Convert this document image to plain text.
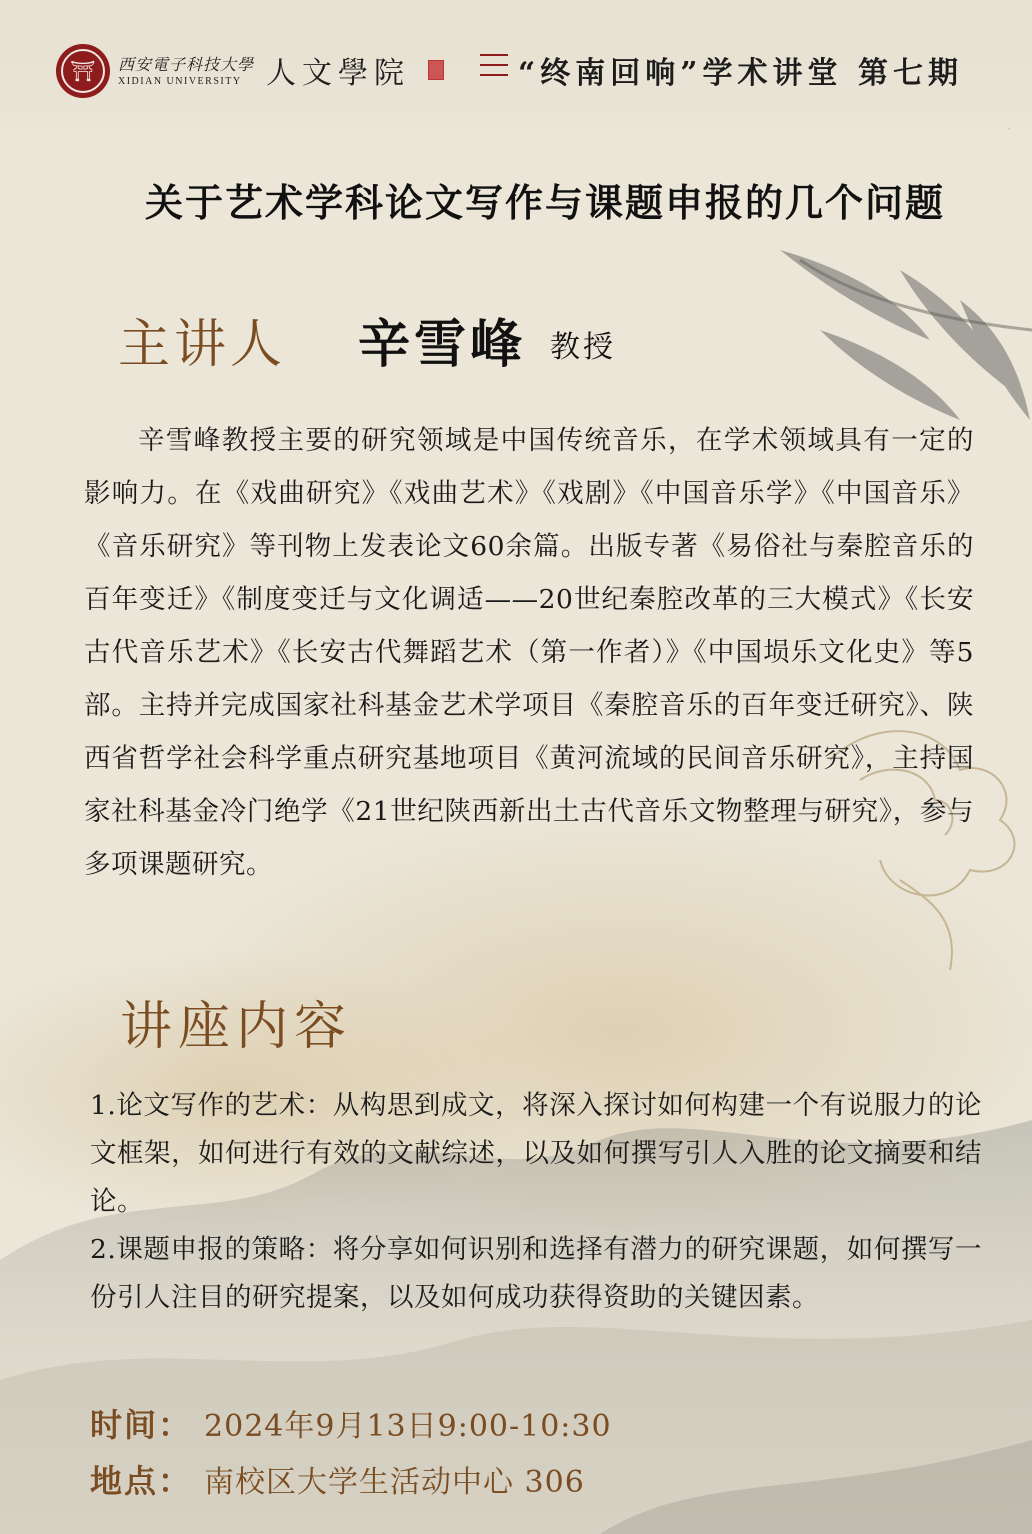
⛩	西安電子科技大學
XIDIAN UNIVERSITY 人文學院	“终南回响”学术讲堂 第七期
关于艺术学科论文写作与课题申报的几个问题
主讲人 辛雪峰 教授
辛雪峰教授主要的研究领域是中国传统音乐，在学术领域具有一定的影响力。在《戏曲研究》《戏曲艺术》《戏剧》《中国音乐学》《中国音乐》《音乐研究》等刊物上发表论文60余篇。出版专著《易俗社与秦腔音乐的百年变迁》《制度变迁与文化调适——20世纪秦腔改革的三大模式》《长安古代音乐艺术》《长安古代舞蹈艺术（第一作者）》《中国埙乐文化史》等5部。主持并完成国家社科基金艺术学项目《秦腔音乐的百年变迁研究》、陕西省哲学社会科学重点研究基地项目《黄河流域的民间音乐研究》，主持国家社科基金冷门绝学《21世纪陕西新出土古代音乐文物整理与研究》，参与多项课题研究。
讲座内容
1.论文写作的艺术：从构思到成文，将深入探讨如何构建一个有说服力的论文框架，如何进行有效的文献综述，以及如何撰写引人入胜的论文摘要和结论。
2.课题申报的策略：将分享如何识别和选择有潜力的研究课题，如何撰写一份引人注目的研究提案，以及如何成功获得资助的关键因素。
时间： 2024年9月13日9:00-10:30
地点： 南校区大学生活动中心 306
